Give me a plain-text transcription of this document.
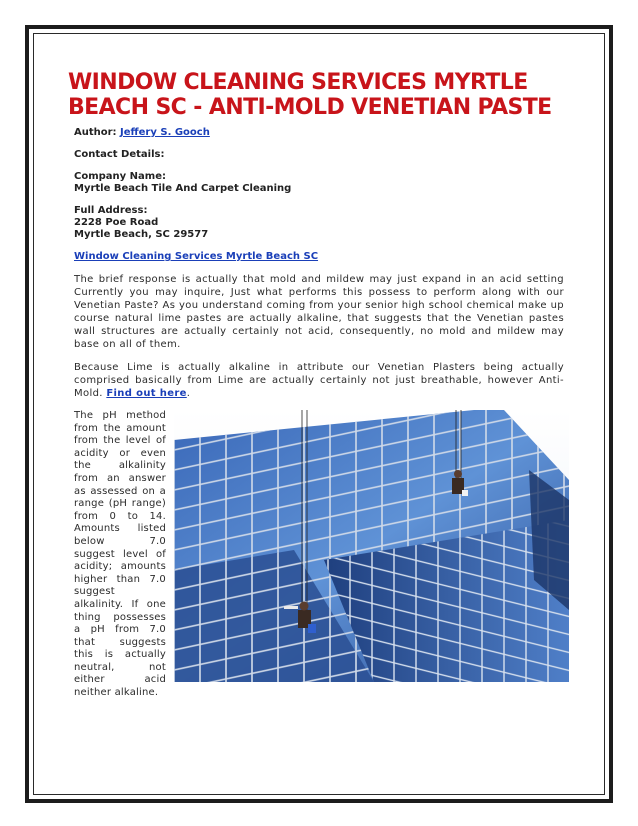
WINDOW CLEANING SERVICES MYRTLE BEACH SC - ANTI-MOLD VENETIAN PASTE
Author: Jeffery S. Gooch
Contact Details:
Company Name:
Myrtle Beach Tile And Carpet Cleaning
Full Address:
2228 Poe Road
Myrtle Beach, SC 29577
Window Cleaning Services Myrtle Beach SC

The brief response is actually that mold and mildew may just expand in an acid setting Currently you may inquire, Just what performs this possess to perform along with our Venetian Paste? As you understand coming from your senior high school chemical make up course natural lime pastes are actually alkaline, that suggests that the Venetian pastes wall structures are actually certainly not acid, consequently, no mold and mildew may base on all of them.

Because Lime is actually alkaline in attribute our Venetian Plasters being actually comprised basically from Lime are actually certainly not just breathable, however Anti-Mold. Find out here.

The pH method from the amount from the level of acidity or even the alkalinity from an answer as assessed on a range (pH range) from 0 to 14. Amounts listed below 7.0 suggest level of acidity; amounts higher than 7.0 suggest alkalinity. If one thing possesses a pH from 7.0 that suggests this is actually neutral, not either acid neither alkaline.
